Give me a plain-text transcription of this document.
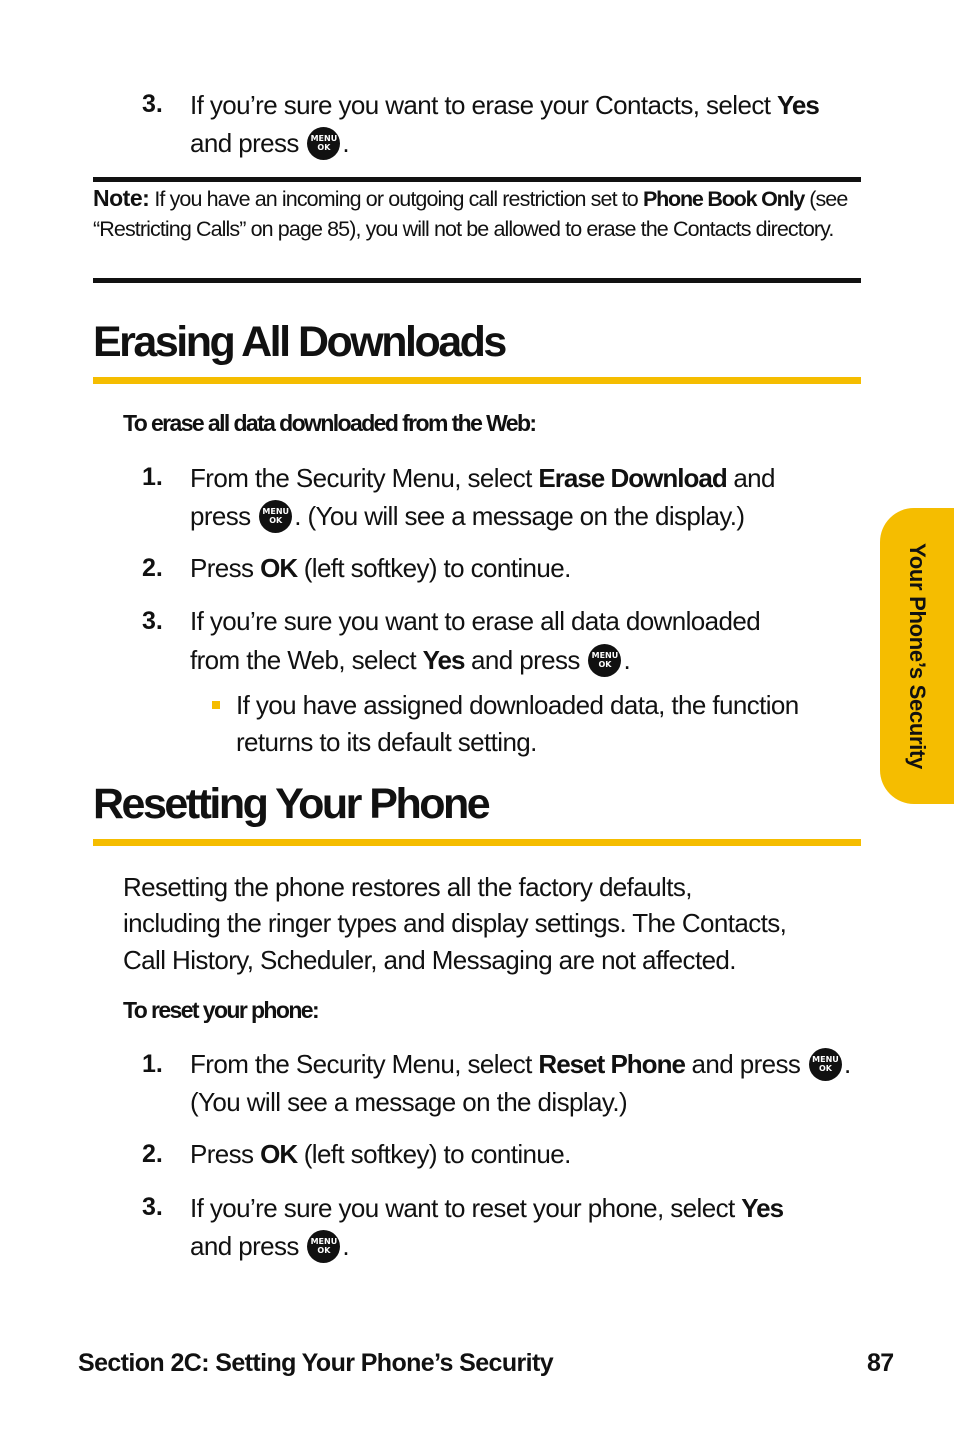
3. If you’re sure you want to erase your Contacts, select Yes
and press MENU
OK .
Note: If you have an incoming or outgoing call restriction set to Phone Book Only (see “Restricting Calls” on page 85), you will not be allowed to erase the Contacts directory.
Erasing All Downloads
To erase all data downloaded from the Web:
1. From the Security Menu, select Erase Download and
press MENU
OK . (You will see a message on the display.)
2. Press OK (left softkey) to continue.
3. If you’re sure you want to erase all data downloaded
from the Web, select Yes and press MENU
OK .
If you have assigned downloaded data, the function
returns to its default setting.
Resetting Your Phone
Resetting the phone restores all the factory defaults,
including the ringer types and display settings. The Contacts,
Call History, Scheduler, and Messaging are not affected.
To reset your phone:
1. From the Security Menu, select Reset Phone and press MENU
OK .
(You will see a message on the display.)
2. Press OK (left softkey) to continue.
3. If you’re sure you want to reset your phone, select Yes
and press MENU
OK .
Your Phone’s Security
Section 2C: Setting Your Phone’s Security	87
